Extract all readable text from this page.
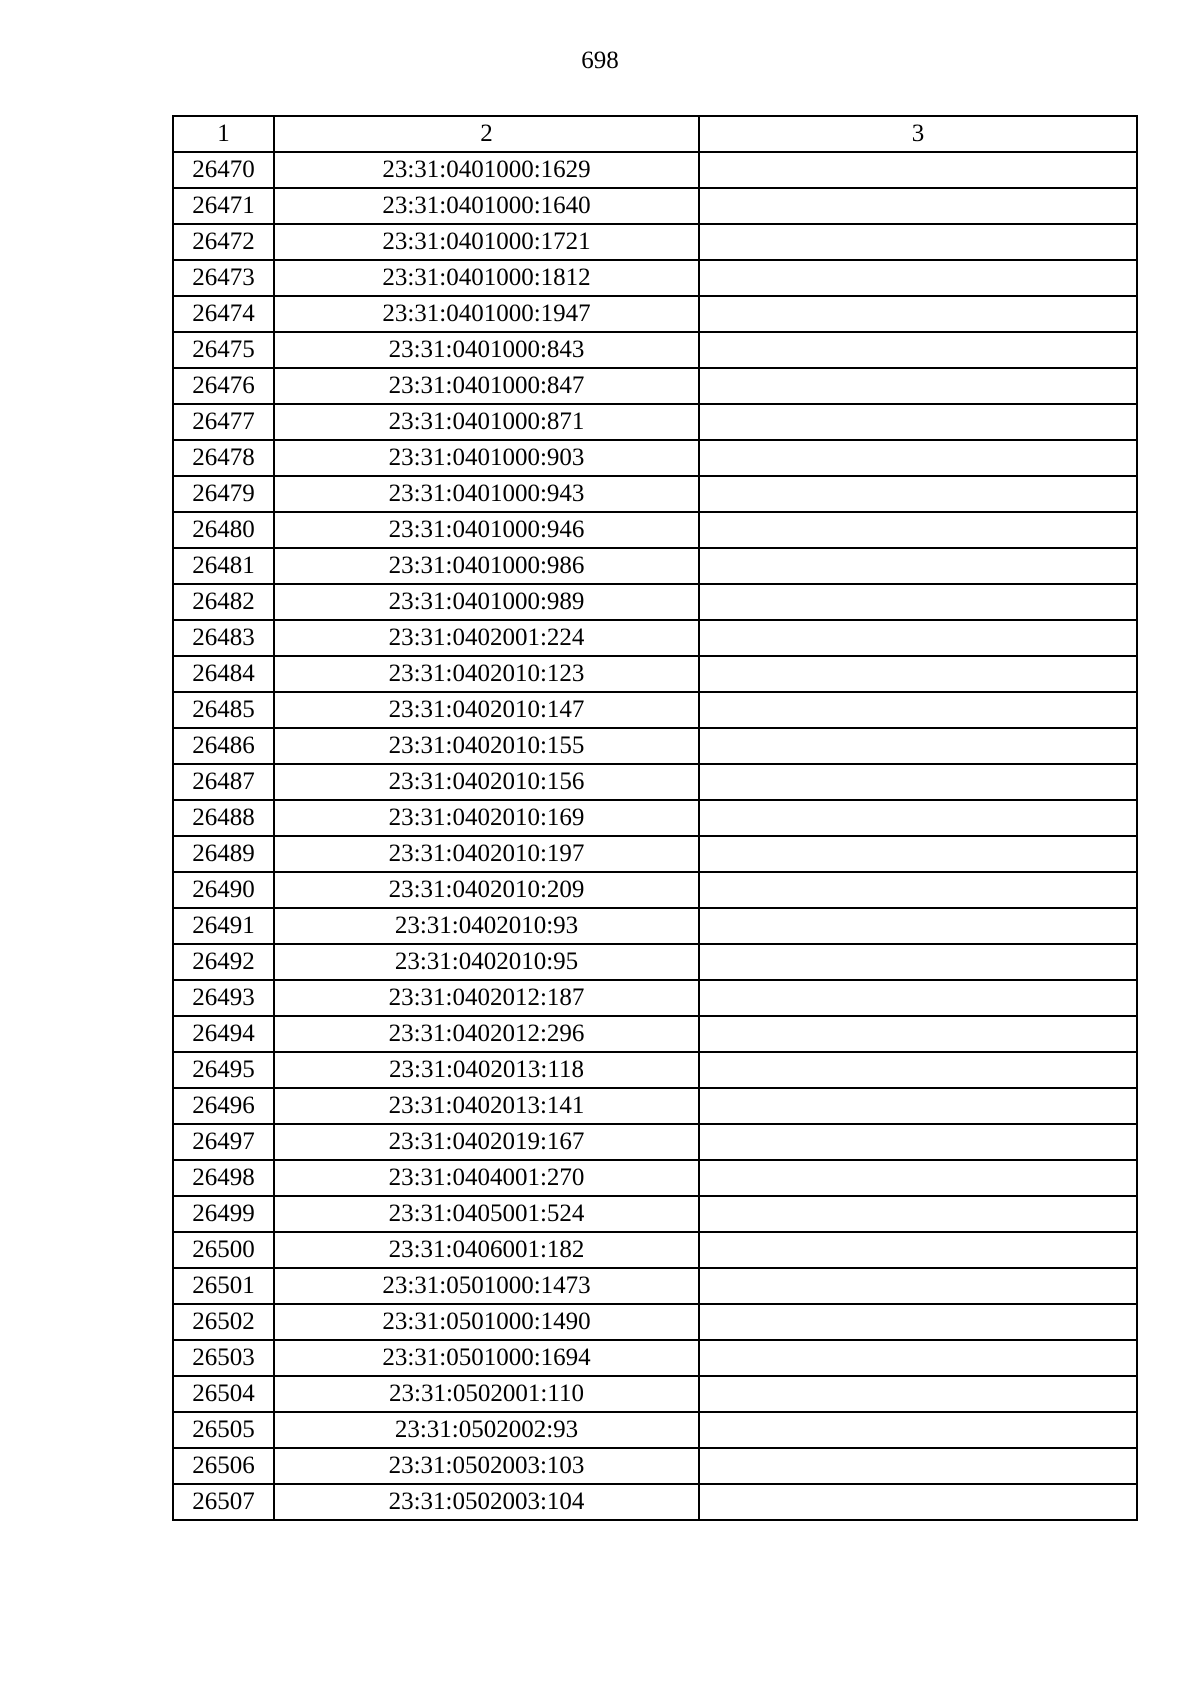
698
1	2	3
26470	23:31:0401000:1629	
26471	23:31:0401000:1640	
26472	23:31:0401000:1721	
26473	23:31:0401000:1812	
26474	23:31:0401000:1947	
26475	23:31:0401000:843	
26476	23:31:0401000:847	
26477	23:31:0401000:871	
26478	23:31:0401000:903	
26479	23:31:0401000:943	
26480	23:31:0401000:946	
26481	23:31:0401000:986	
26482	23:31:0401000:989	
26483	23:31:0402001:224	
26484	23:31:0402010:123	
26485	23:31:0402010:147	
26486	23:31:0402010:155	
26487	23:31:0402010:156	
26488	23:31:0402010:169	
26489	23:31:0402010:197	
26490	23:31:0402010:209	
26491	23:31:0402010:93	
26492	23:31:0402010:95	
26493	23:31:0402012:187	
26494	23:31:0402012:296	
26495	23:31:0402013:118	
26496	23:31:0402013:141	
26497	23:31:0402019:167	
26498	23:31:0404001:270	
26499	23:31:0405001:524	
26500	23:31:0406001:182	
26501	23:31:0501000:1473	
26502	23:31:0501000:1490	
26503	23:31:0501000:1694	
26504	23:31:0502001:110	
26505	23:31:0502002:93	
26506	23:31:0502003:103	
26507	23:31:0502003:104	
